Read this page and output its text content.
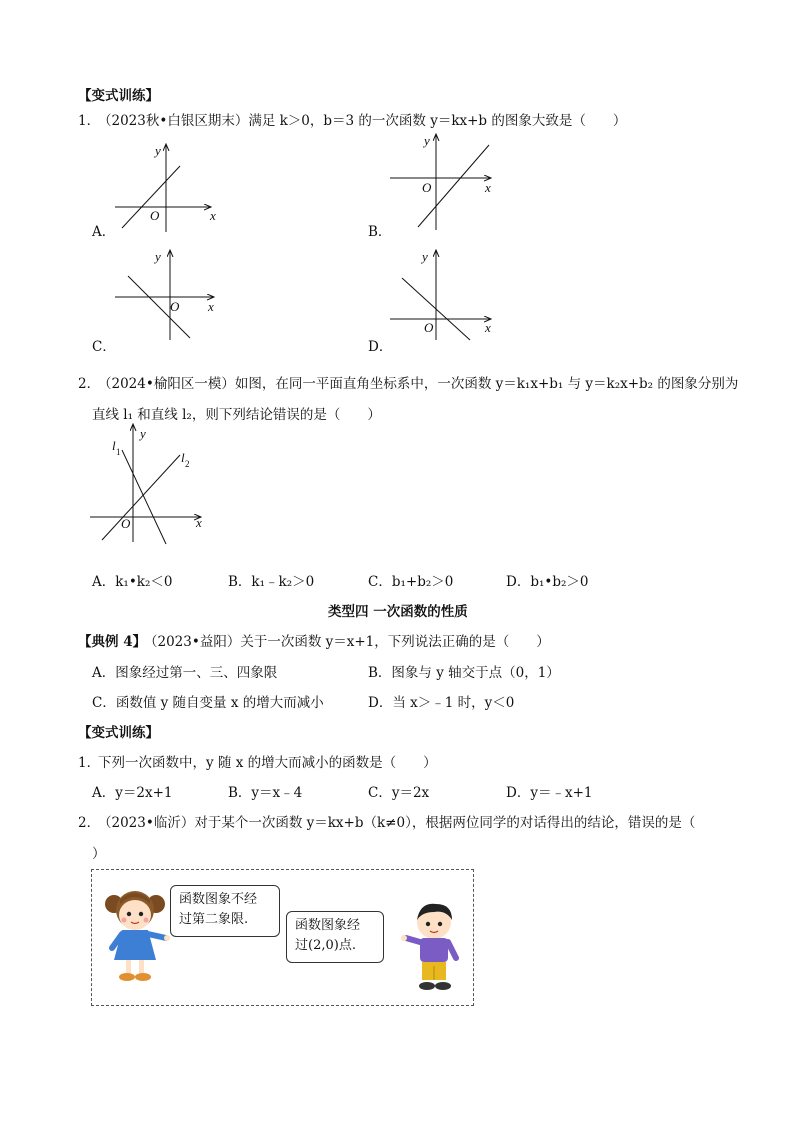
【变式训练】
1．
（2023秋•白银区期末）满足 k＞0，b＝3 的一次函数 y＝kx+b 的图象大致是（　　）
y
x
O
A．
y
x
O
B．
y
x
O
C．
y
x
O
D．
2．
（2024•榆阳区一模）如图，在同一平面直角坐标系中，一次函数 y＝k₁x+b₁ 与 y＝k₂x+b₂ 的图象分别为
直线 l₁ 和直线 l₂，则下列结论错误的是（　　）
y
x
O
l 1	l 2
A．k₁•k₂＜0	B．k₁﹣k₂＞0	C．b₁+b₂＞0	D．b₁•b₂＞0
类型四 一次函数的性质
【典例 4】
（2023•益阳）关于一次函数 y＝x+1，下列说法正确的是（　　）
A．图象经过第一、三、四象限	B．图象与 y 轴交于点（0，1）
C．函数值 y 随自变量 x 的增大而减小	D．当 x＞﹣1 时，y＜0
【变式训练】
1．
下列一次函数中，y 随 x 的增大而减小的函数是（　　）
A．y＝2x+1	B．y＝x﹣4	C．y＝2x	D．y＝﹣x+1
2．
（2023•临沂）对于某个一次函数 y＝kx+b（k≠0），根据两位同学的对话得出的结论，错误的是（
）
函数图象不经
过第二象限.	函数图象经
过(2,0)点.
